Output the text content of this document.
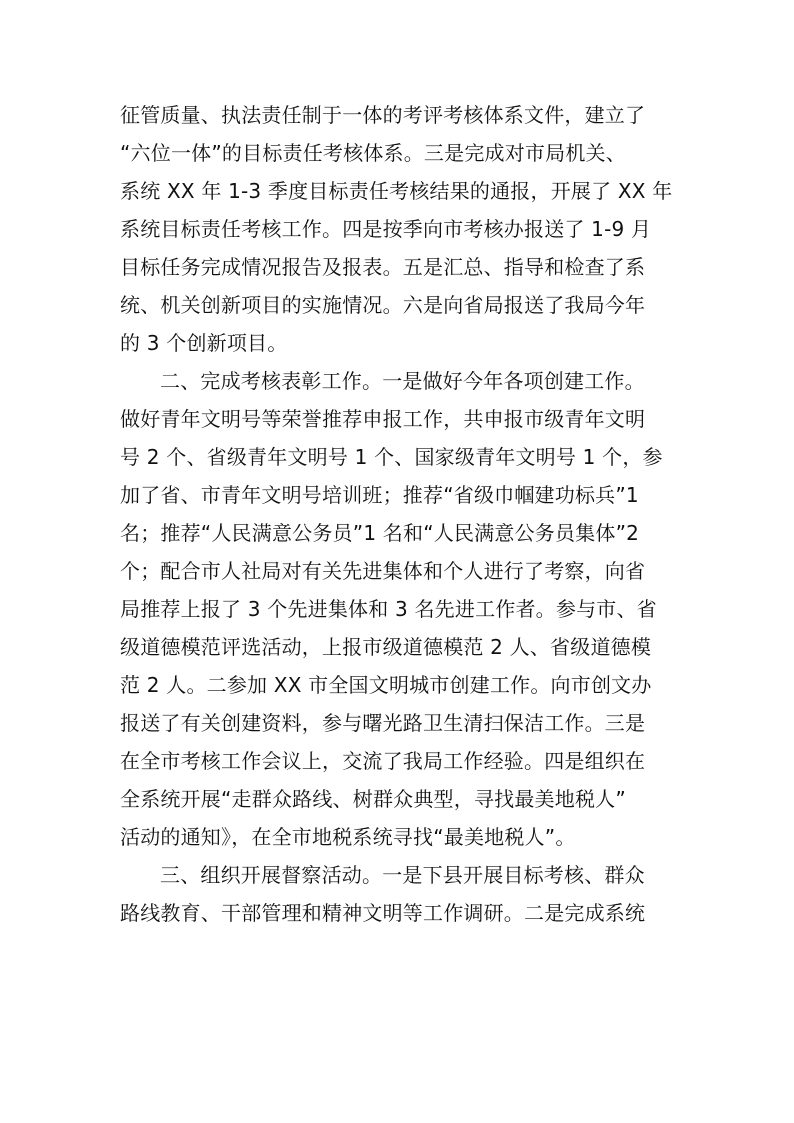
征管质量、执法责任制于一体的考评考核体系文件，建立了
“六位一体”的目标责任考核体系。三是完成对市局机关、
系统 XX 年 1-3 季度目标责任考核结果的通报，开展了 XX 年
系统目标责任考核工作。四是按季向市考核办报送了 1-9 月
目标任务完成情况报告及报表。五是汇总、指导和检查了系
统、机关创新项目的实施情况。六是向省局报送了我局今年
的 3 个创新项目。
二、完成考核表彰工作。一是做好今年各项创建工作。
做好青年文明号等荣誉推荐申报工作，共申报市级青年文明
号 2 个、省级青年文明号 1 个、国家级青年文明号 1 个，参
加了省、市青年文明号培训班；推荐“省级巾帼建功标兵”1
名；推荐“人民满意公务员”1 名和“人民满意公务员集体”2
个；配合市人社局对有关先进集体和个人进行了考察，向省
局推荐上报了 3 个先进集体和 3 名先进工作者。参与市、省
级道德模范评选活动，上报市级道德模范 2 人、省级道德模
范 2 人。二参加 XX 市全国文明城市创建工作。向市创文办
报送了有关创建资料，参与曙光路卫生清扫保洁工作。三是
在全市考核工作会议上，交流了我局工作经验。四是组织在
全系统开展“走群众路线、树群众典型，寻找最美地税人”
活动的通知》，在全市地税系统寻找“最美地税人”。
三、组织开展督察活动。一是下县开展目标考核、群众
路线教育、干部管理和精神文明等工作调研。二是完成系统
